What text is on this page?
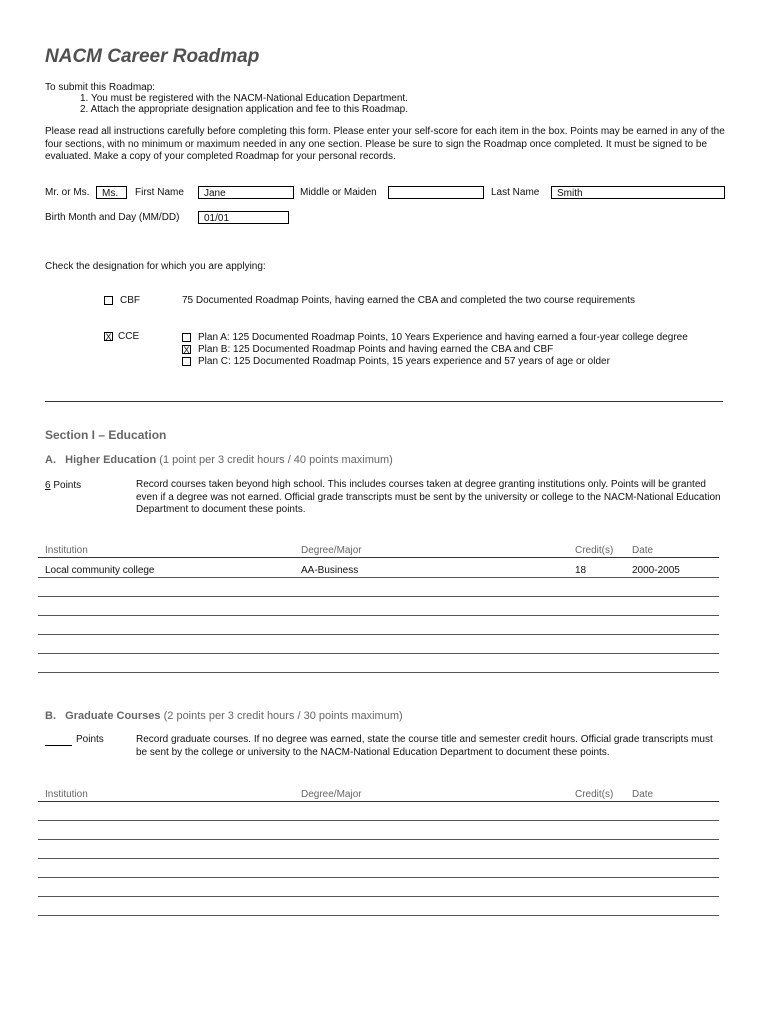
NACM Career Roadmap
To submit this Roadmap:
1. You must be registered with the NACM-National Education Department.
2. Attach the appropriate designation application and fee to this Roadmap.
Please read all instructions carefully before completing this form. Please enter your self-score for each item in the box. Points may be earned in any of the four sections, with no minimum or maximum needed in any one section. Please be sure to sign the Roadmap once completed. It must be signed to be evaluated. Make a copy of your completed Roadmap for your personal records.
Mr. or Ms.	Ms.	First Name	Jane	Middle or Maiden	Last Name	Smith
Birth Month and Day (MM/DD)	01/01
Check the designation for which you are applying:
CBF	75 Documented Roadmap Points, having earned the CBA and completed the two course requirements
X CCE	Plan A: 125 Documented Roadmap Points, 10 Years Experience and having earned a four-year college degree
X Plan B: 125 Documented Roadmap Points and having earned the CBA and CBF
Plan C: 125 Documented Roadmap Points, 15 years experience and 57 years of age or older
Section I – Education
A. Higher Education (1 point per 3 credit hours / 40 points maximum)
6 Points	Record courses taken beyond high school. This includes courses taken at degree granting institutions only. Points will be granted even if a degree was not earned. Official grade transcripts must be sent by the university or college to the NACM-National Education Department to document these points.
Institution	Degree/Major	Credit(s) Date
Local community college	AA-Business	18	2000-2005
B. Graduate Courses (2 points per 3 credit hours / 30 points maximum)
Points	Record graduate courses. If no degree was earned, state the course title and semester credit hours. Official grade transcripts must be sent by the college or university to the NACM-National Education Department to document these points.
Institution	Degree/Major	Credit(s) Date
